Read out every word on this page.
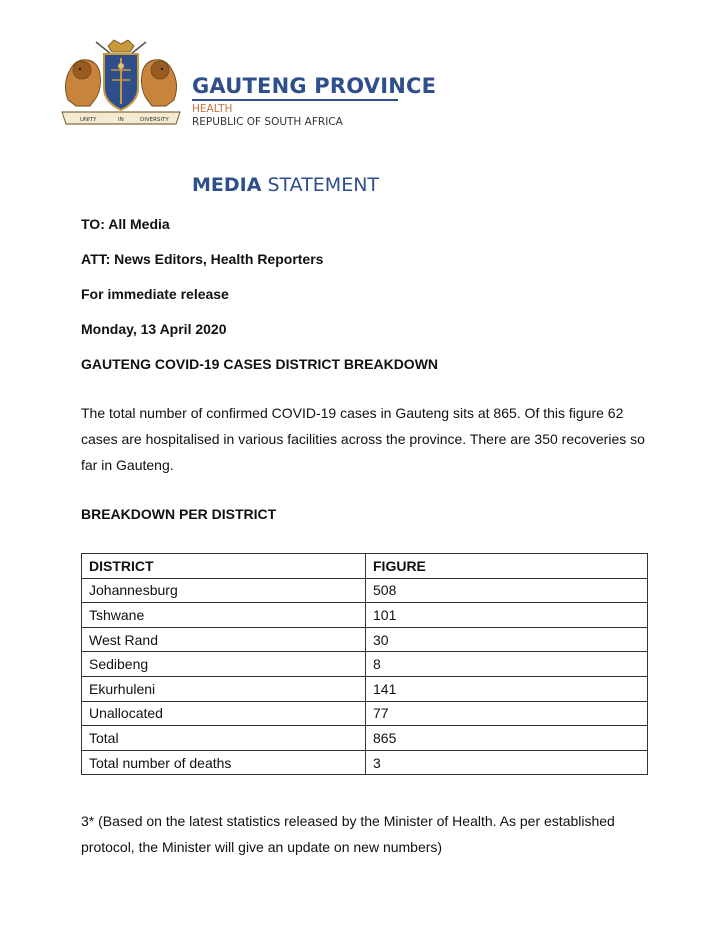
UNITY	IN	DIVERSITY
GAUTENG PROVINCE
HEALTH
REPUBLIC OF SOUTH AFRICA
MEDIA STATEMENT
TO: All Media
ATT: News Editors, Health Reporters
For immediate release
Monday, 13 April 2020
GAUTENG COVID-19 CASES DISTRICT BREAKDOWN
The total number of confirmed COVID-19 cases in Gauteng sits at 865. Of this figure 62 cases are hospitalised in various facilities across the province. There are 350 recoveries so far in Gauteng.
BREAKDOWN PER DISTRICT
DISTRICT	FIGURE
Johannesburg	508
Tshwane	101
West Rand	30
Sedibeng	8
Ekurhuleni	141
Unallocated	77
Total	865
Total number of deaths	3
3* (Based on the latest statistics released by the Minister of Health. As per established protocol, the Minister will give an update on new numbers)
